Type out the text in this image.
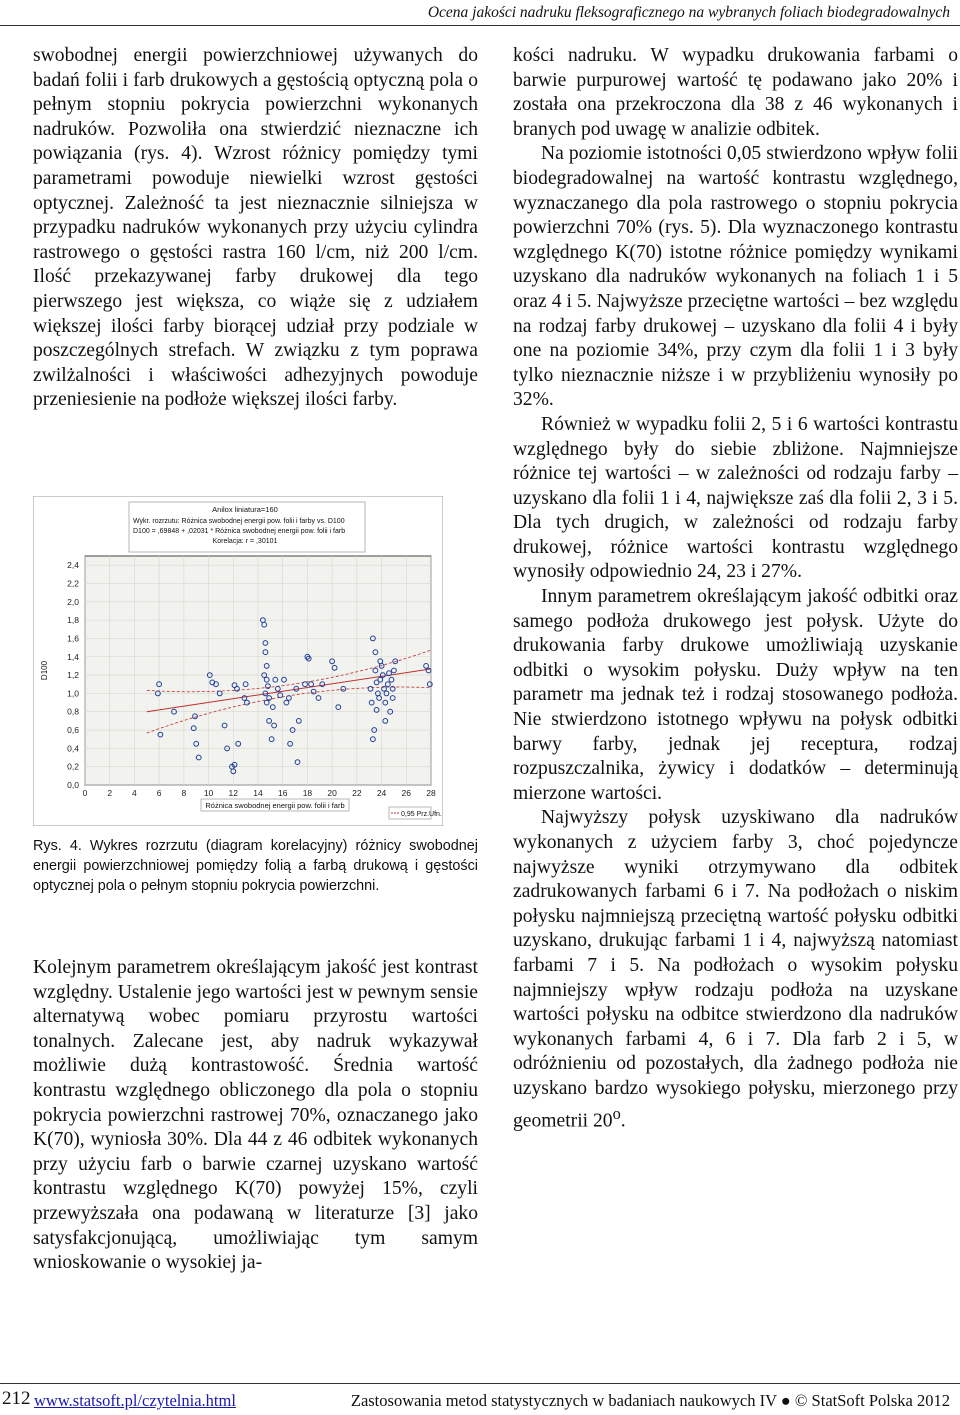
Ocena jakości nadruku fleksograficznego na wybranych foliach biodegradowalnych

swobodnej energii powierzchniowej używanych do badań folii i farb drukowych a gęstością optyczną pola o pełnym stopniu pokrycia powierzchni wykonanych nadruków. Pozwoliła ona stwierdzić nieznaczne ich powiązania (rys. 4). Wzrost różnicy pomiędzy tymi parametrami powoduje niewielki wzrost gęstości optycznej. Zależność ta jest nieznacznie silniejsza w przypadku nadruków wykonanych przy użyciu cylindra rastrowego o gęstości rastra 160 l/cm, niż 200 l/cm. Ilość przekazywanej farby drukowej dla tego pierwszego jest większa, co wiąże się z udziałem większej ilości farby biorącej udział przy podziale w poszczególnych strefach. W związku z tym poprawa zwilżalności i właściwości adhezyjnych powoduje przeniesienie na podłoże większej ilości farby.

0,0
0,2
0,4
0,6
0,8
1,0
1,2
1,4
1,6
1,8
2,0
2,2
2,4
0 2 4 6 8 10 12 14 16 18 20 22 24 26 28
Anilox liniatura=160
Wykr. rozrzutu: Różnica swobodnej energii pow. folii i farby vs. D100
D100 = ,69848 + ,02031 * Różnica swobodnej energii pow. folii i farb
Korelacja: r = ,30101
D100
Różnica swobodnej energii pow. folii i farb
0,95 Prz.Ufn.
Rys. 4. Wykres rozrzutu (diagram korelacyjny) różnicy swobodnej energii powierzchniowej pomiędzy folią a farbą drukową i gęstości optycznej pola o pełnym stopniu pokrycia powierzchni.

Kolejnym parametrem określającym jakość jest kontrast względny. Ustalenie jego wartości jest w pewnym sensie alternatywą wobec pomiaru przyrostu wartości tonalnych. Zalecane jest, aby nadruk wykazywał możliwie dużą kontrastowość. Średnia wartość kontrastu względnego obliczonego dla pola o stopniu pokrycia powierzchni rastrowej 70%, oznaczanego jako K(70), wyniosła 30%. Dla 44 z 46 odbitek wykonanych przy użyciu farb o barwie czarnej uzyskano wartość kontrastu względnego K(70) powyżej 15%, czyli przewyższała ona podawaną w literaturze [3] jako satysfakcjonującą, umożliwiając tym samym wnioskowanie o wysokiej ja-

kości nadruku. W wypadku drukowania farbami o barwie purpurowej wartość tę podawano jako 20% i została ona przekroczona dla 38 z 46 wykonanych i branych pod uwagę w analizie odbitek.

Na poziomie istotności 0,05 stwierdzono wpływ folii biodegradowalnej na wartość kontrastu względnego, wyznaczanego dla pola rastrowego o stopniu pokrycia powierzchni 70% (rys. 5). Dla wyznaczonego kontrastu względnego K(70) istotne różnice pomiędzy wynikami uzyskano dla nadruków wykonanych na foliach 1 i 5 oraz 4 i 5. Najwyższe przeciętne wartości – bez względu na rodzaj farby drukowej – uzyskano dla folii 4 i były one na poziomie 34%, przy czym dla folii 1 i 3 były tylko nieznacznie niższe i w przybliżeniu wynosiły po 32%.

Również w wypadku folii 2, 5 i 6 wartości kontrastu względnego były do siebie zbliżone. Najmniejsze różnice tej wartości – w zależności od rodzaju farby – uzyskano dla folii 1 i 4, największe zaś dla folii 2, 3 i 5. Dla tych drugich, w zależności od rodzaju farby drukowej, różnice wartości kontrastu względnego wynosiły odpowiednio 24, 23 i 27%.

Innym parametrem określającym jakość odbitki oraz samego podłoża drukowego jest połysk. Użyte do drukowania farby drukowe umożliwiają uzyskanie odbitki o wysokim połysku. Duży wpływ na ten parametr ma jednak też i rodzaj stosowanego podłoża. Nie stwierdzono istotnego wpływu na połysk odbitki barwy farby, jednak jej receptura, rodzaj rozpuszczalnika, żywicy i dodatków – determinują mierzone wartości.

Najwyższy połysk uzyskiwano dla nadruków wykonanych z użyciem farby 3, choć pojedyncze najwyższe wyniki otrzymywano dla odbitek zadrukowanych farbami 6 i 7. Na podłożach o niskim połysku najmniejszą przeciętną wartość połysku odbitki uzyskano, drukując farbami 1 i 4, najwyższą natomiast farbami 7 i 5. Na podłożach o wysokim połysku najmniejszy wpływ rodzaju podłoża na uzyskane wartości połysku na odbitce stwierdzono dla nadruków wykonanych farbami 4, 6 i 7. Dla farb 2 i 5, w odróżnieniu od pozostałych, dla żadnego podłoża nie uzyskano bardzo wysokiego połysku, mierzonego przy geometrii 20$^o$.

212 www.statsoft.pl/czytelnia.html	Zastosowania metod statystycznych w badaniach naukowych IV ● © StatSoft Polska 2012
